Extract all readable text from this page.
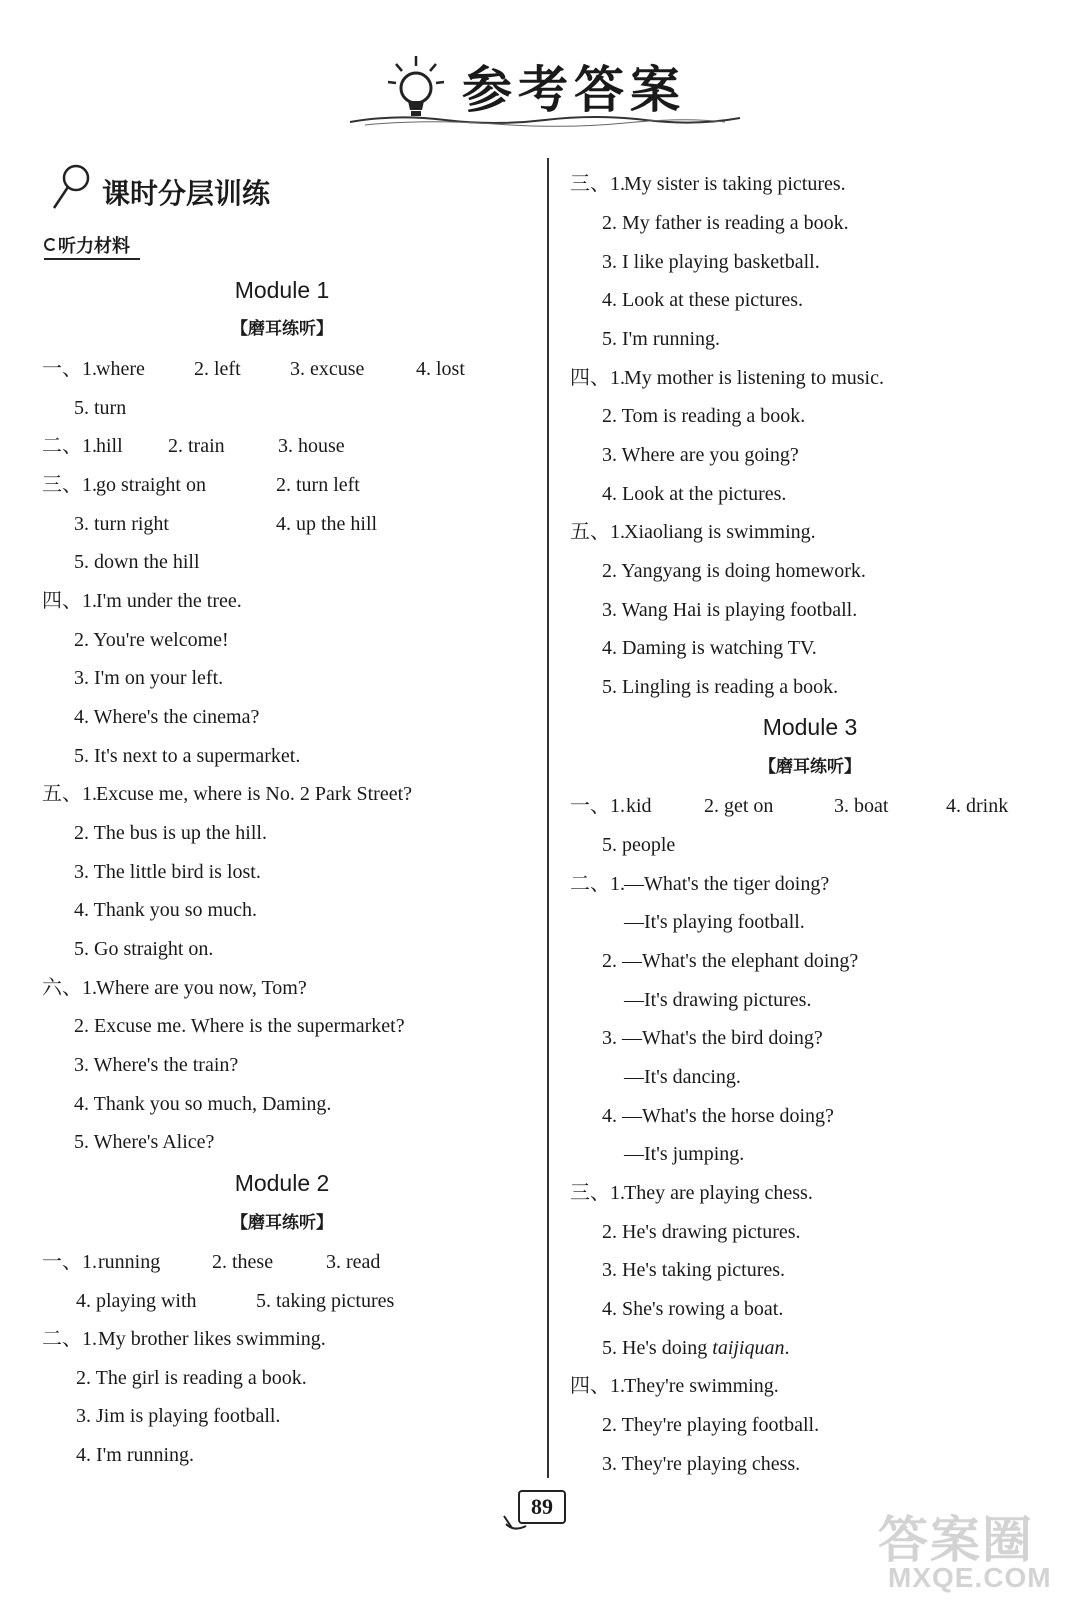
参考答案
课时分层训练
听力材料
Module 1
【磨耳练听】
一、1. where 2. left 3. excuse	4. lost
5. turn
二、1. hill 2. train	3. house
三、1. go straight on	2. turn left
3. turn right	4. up the hill
5. down the hill
四、1. I'm under the tree.
2. You're welcome!
3. I'm on your left.
4. Where's the cinema?
5. It's next to a supermarket.
五、1. Excuse me, where is No. 2 Park Street?
2. The bus is up the hill.
3. The little bird is lost.
4. Thank you so much.
5. Go straight on.
六、1. Where are you now, Tom?
2. Excuse me. Where is the supermarket?
3. Where's the train?
4. Thank you so much, Daming.
5. Where's Alice?
Module 2
【磨耳练听】
一、1. running	2. these	3. read
4. playing with	5. taking pictures
二、1. My brother likes swimming.
2. The girl is reading a book.
3. Jim is playing football.
4. I'm running.
三、1. My sister is taking pictures.
2. My father is reading a book.
3. I like playing basketball.
4. Look at these pictures.
5. I'm running.
四、1. My mother is listening to music.
2. Tom is reading a book.
3. Where are you going?
4. Look at the pictures.
五、1. Xiaoliang is swimming.
2. Yangyang is doing homework.
3. Wang Hai is playing football.
4. Daming is watching TV.
5. Lingling is reading a book.
Module 3
【磨耳练听】
一、1. kid	2. get on	3. boat	4. drink
5. people
二、1. —What's the tiger doing?
—It's playing football.
2. —What's the elephant doing?
—It's drawing pictures.
3. —What's the bird doing?
—It's dancing.
4. —What's the horse doing?
—It's jumping.
三、1. They are playing chess.
2. He's drawing pictures.
3. He's taking pictures.
4. She's rowing a boat.
5. He's doing taijiquan.
四、1. They're swimming.
2. They're playing football.
3. They're playing chess.
89
答案圈
MXQE.COM
